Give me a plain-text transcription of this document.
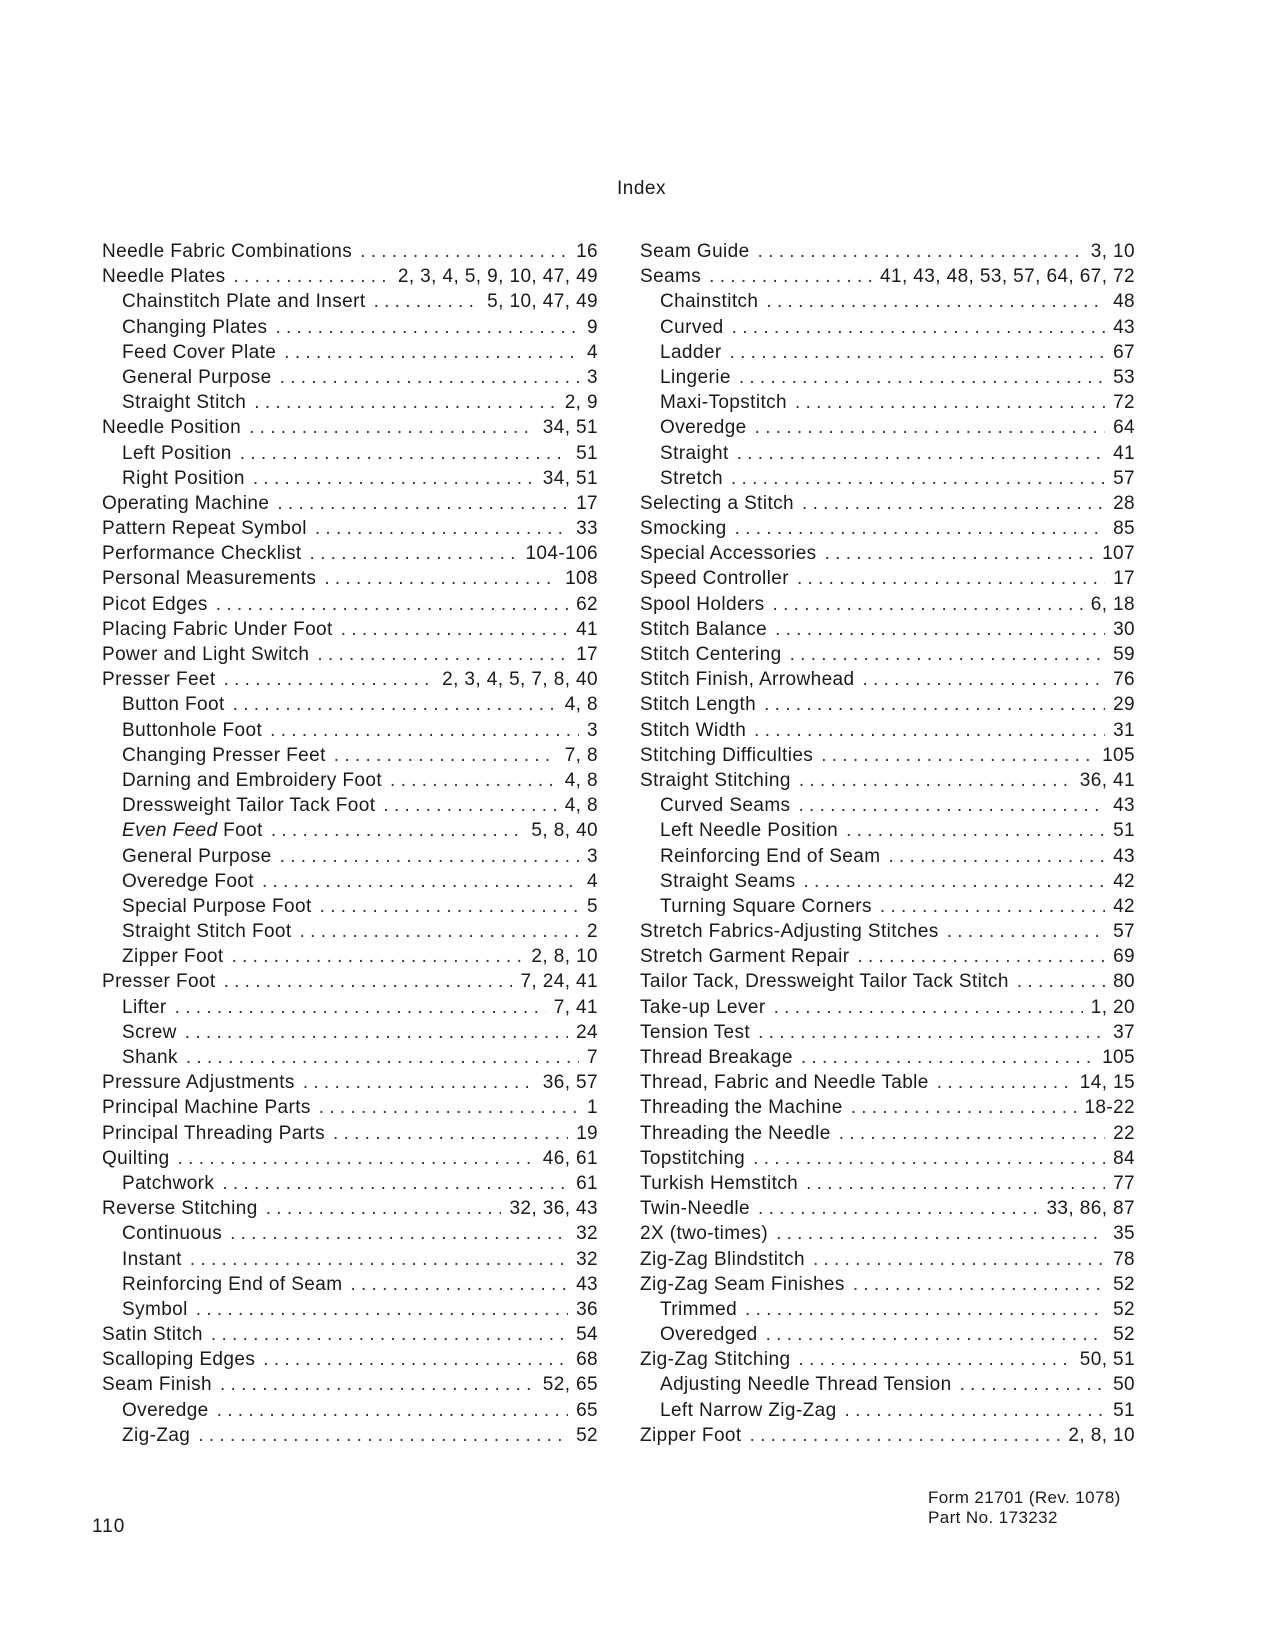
Index
Needle Fabric Combinations . . .	16
Needle Plates . . .	2, 3, 4, 5, 9, 10, 47, 49
Chainstitch Plate and Insert . . .	5, 10, 47, 49
Changing Plates . . .	9
Feed Cover Plate . . .	4
General Purpose . . .	3
Straight Stitch . . .	2, 9
Needle Position . . .	34, 51
Left Position . . .	51
Right Position . . .	34, 51
Operating Machine . . .	17
Pattern Repeat Symbol . . .	33
Performance Checklist . . .	104-106
Personal Measurements . . .	108
Picot Edges . . .	62
Placing Fabric Under Foot . . .	41
Power and Light Switch . . .	17
Presser Feet . . .	2, 3, 4, 5, 7, 8, 40
Button Foot . . .	4, 8
Buttonhole Foot . . .	3
Changing Presser Feet . . .	7, 8
Darning and Embroidery Foot . . .	4, 8
Dressweight Tailor Tack Foot . . .	4, 8
Even Feed Foot . . .	5, 8, 40
General Purpose . . .	3
Overedge Foot . . .	4
Special Purpose Foot . . .	5
Straight Stitch Foot . . .	2
Zipper Foot . . .	2, 8, 10
Presser Foot . . .	7, 24, 41
Lifter . . .	7, 41
Screw . . .	24
Shank . . .	7
Pressure Adjustments . . .	36, 57
Principal Machine Parts . . .	1
Principal Threading Parts . . .	19
Quilting . . .	46, 61
Patchwork . . .	61
Reverse Stitching . . .	32, 36, 43
Continuous . . .	32
Instant . . .	32
Reinforcing End of Seam . . .	43
Symbol . . .	36
Satin Stitch . . .	54
Scalloping Edges . . .	68
Seam Finish . . .	52, 65
Overedge . . .	65
Zig-Zag . . .	52
Seam Guide . . .	3, 10
Seams . . .	41, 43, 48, 53, 57, 64, 67, 72
Chainstitch . . .	48
Curved . . .	43
Ladder . . .	67
Lingerie . . .	53
Maxi-Topstitch . . .	72
Overedge . . .	64
Straight . . .	41
Stretch . . .	57
Selecting a Stitch . . .	28
Smocking . . .	85
Special Accessories . . .	107
Speed Controller . . .	17
Spool Holders . . .	6, 18
Stitch Balance . . .	30
Stitch Centering . . .	59
Stitch Finish, Arrowhead . . .	76
Stitch Length . . .	29
Stitch Width . . .	31
Stitching Difficulties . . .	105
Straight Stitching . . .	36, 41
Curved Seams . . .	43
Left Needle Position . . .	51
Reinforcing End of Seam . . .	43
Straight Seams . . .	42
Turning Square Corners . . .	42
Stretch Fabrics-Adjusting Stitches . . .	57
Stretch Garment Repair . . .	69
Tailor Tack, Dressweight Tailor Tack Stitch . . .	80
Take-up Lever . . .	1, 20
Tension Test . . .	37
Thread Breakage . . .	105
Thread, Fabric and Needle Table . . .	14, 15
Threading the Machine . . .	18-22
Threading the Needle . . .	22
Topstitching . . .	84
Turkish Hemstitch . . .	77
Twin-Needle . . .	33, 86, 87
2X (two-times) . . .	35
Zig-Zag Blindstitch . . .	78
Zig-Zag Seam Finishes . . .	52
Trimmed . . .	52
Overedged . . .	52
Zig-Zag Stitching . . .	50, 51
Adjusting Needle Thread Tension . . .	50
Left Narrow Zig-Zag . . .	51
Zipper Foot . . .	2, 8, 10
110
Form 21701 (Rev. 1078)
Part No. 173232
